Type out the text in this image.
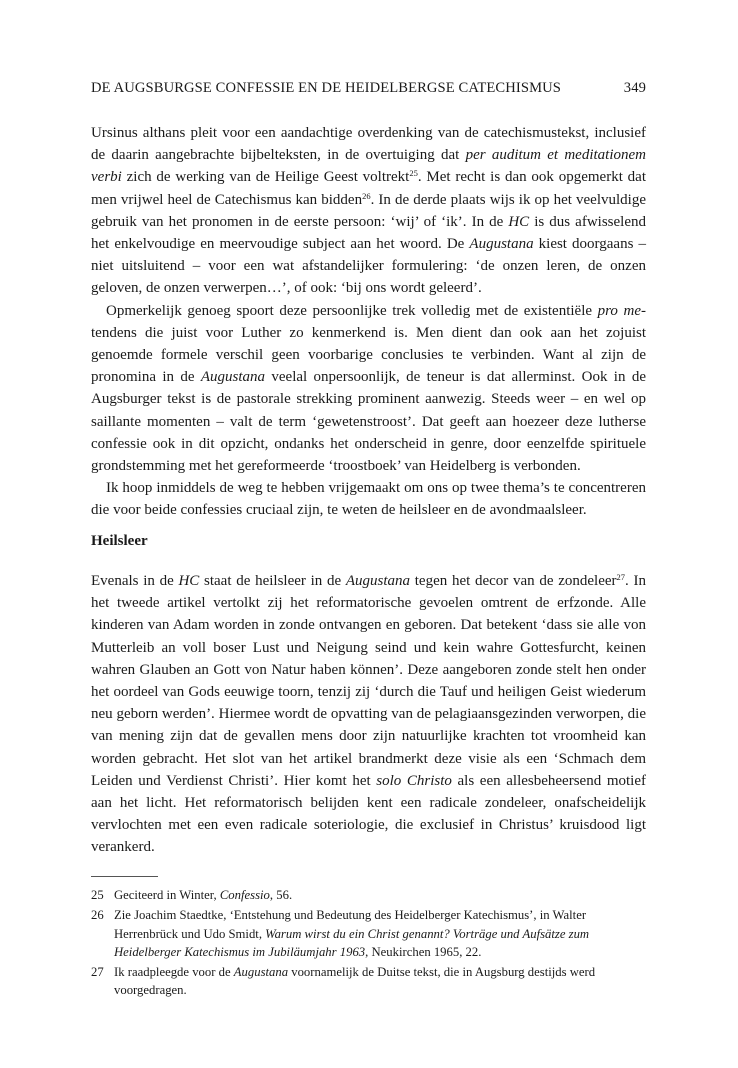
DE AUGSBURGSE CONFESSIE EN DE HEIDELBERGSE CATECHISMUS	349

Ursinus althans pleit voor een aandachtige overdenking van de catechismustekst, inclusief de daarin aangebrachte bijbelteksten, in de overtuiging dat per auditum et meditationem verbi zich de werking van de Heilige Geest voltrekt$^{25}$. Met recht is dan ook opgemerkt dat men vrijwel heel de Catechismus kan bidden$^{26}$. In de derde plaats wijs ik op het veelvuldige gebruik van het pronomen in de eerste persoon: ‘wij’ of ‘ik’. In de HC is dus afwisselend het enkelvoudige en meervoudige subject aan het woord. De Augustana kiest doorgaans – niet uitsluitend – voor een wat afstandelijker formulering: ‘de onzen leren, de onzen geloven, de onzen verwerpen…’, of ook: ‘bij ons wordt geleerd’.

Opmerkelijk genoeg spoort deze persoonlijke trek volledig met de existentiële pro me-tendens die juist voor Luther zo kenmerkend is. Men dient dan ook aan het zojuist genoemde formele verschil geen voorbarige conclusies te verbinden. Want al zijn de pronomina in de Augustana veelal onpersoonlijk, de teneur is dat allerminst. Ook in de Augsburger tekst is de pastorale strekking prominent aanwezig. Steeds weer – en wel op saillante momenten – valt de term ‘gewetenstroost’. Dat geeft aan hoezeer deze lutherse confessie ook in dit opzicht, ondanks het onderscheid in genre, door eenzelfde spirituele grondstemming met het gereformeerde ‘troostboek’ van Heidelberg is verbonden.

Ik hoop inmiddels de weg te hebben vrijgemaakt om ons op twee thema’s te concentreren die voor beide confessies cruciaal zijn, te weten de heilsleer en de avondmaalsleer.

Heilsleer

Evenals in de HC staat de heilsleer in de Augustana tegen het decor van de zondeleer$^{27}$. In het tweede artikel vertolkt zij het reformatorische gevoelen omtrent de erfzonde. Alle kinderen van Adam worden in zonde ontvangen en geboren. Dat betekent ‘dass sie alle von Mutterleib an voll boser Lust und Neigung seind und kein wahre Gottesfurcht, keinen wahren Glauben an Gott von Natur haben können’. Deze aangeboren zonde stelt hen onder het oordeel van Gods eeuwige toorn, tenzij zij ‘durch die Tauf und heiligen Geist wiederum neu geborn werden’. Hiermee wordt de opvatting van de pelagiaansgezinden verworpen, die van mening zijn dat de gevallen mens door zijn natuurlijke krachten tot vroomheid kan worden gebracht. Het slot van het artikel brandmerkt deze visie als een ‘Schmach dem Leiden und Verdienst Christi’. Hier komt het solo Christo als een allesbeheersend motief aan het licht. Het reformatorisch belijden kent een radicale zondeleer, onafscheidelijk vervlochten met een even radicale soteriologie, die exclusief in Christus’ kruisdood ligt verankerd.

25 Geciteerd in Winter, Confessio, 56.
26 Zie Joachim Staedtke, ‘Entstehung und Bedeutung des Heidelberger Katechismus’, in Walter Herrenbrück und Udo Smidt, Warum wirst du ein Christ genannt? Vorträge und Aufsätze zum Heidelberger Katechismus im Jubiläumjahr 1963, Neukirchen 1965, 22.
27 Ik raadpleegde voor de Augustana voornamelijk de Duitse tekst, die in Augsburg destijds werd voorgedragen.
